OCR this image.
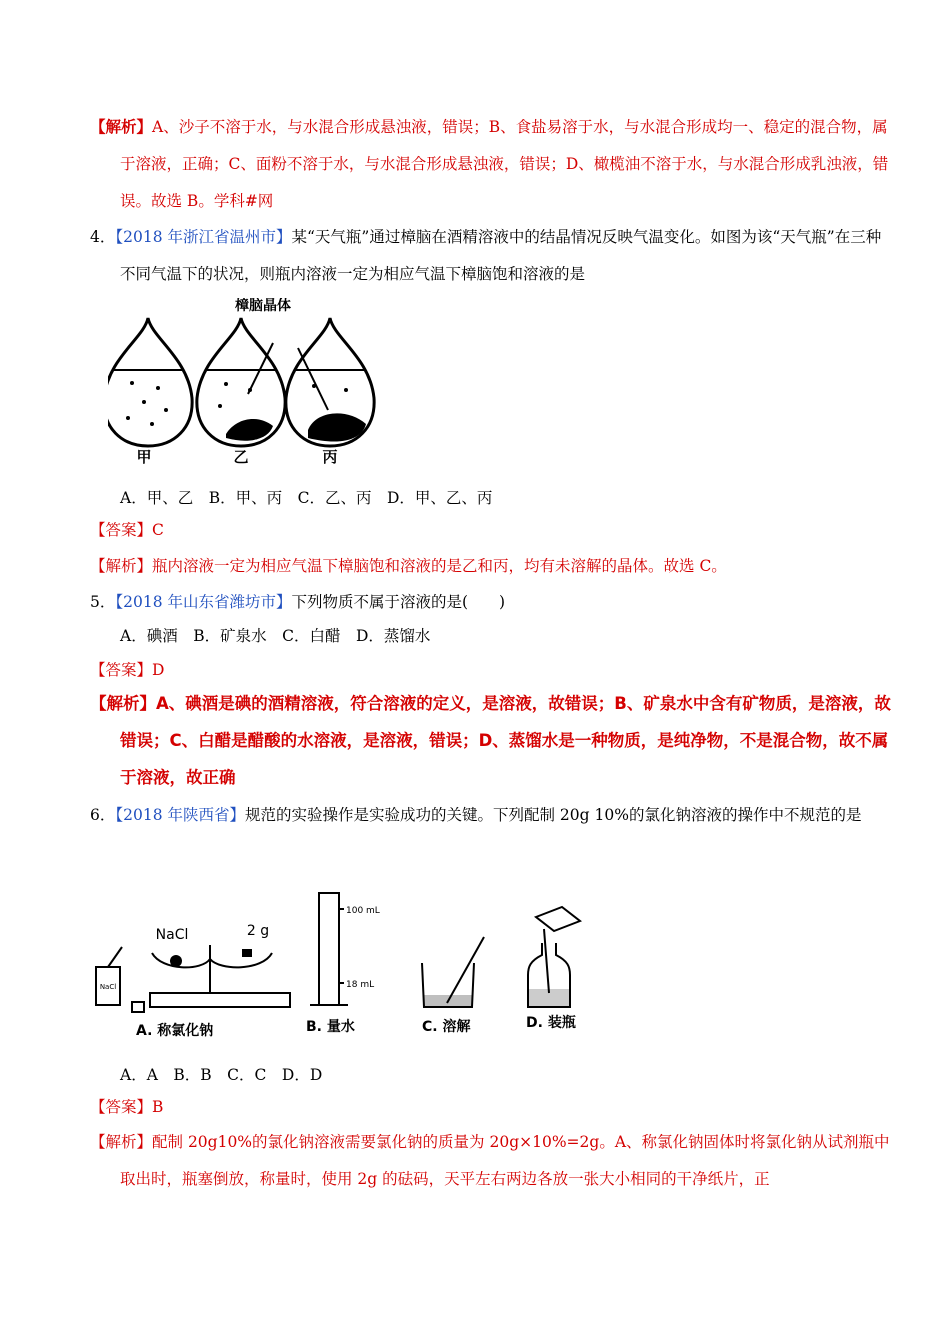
【解析】A、沙子不溶于水，与水混合形成悬浊液，错误；B、食盐易溶于水，与水混合形成均一、稳定的混合物，属于溶液，正确；C、面粉不溶于水，与水混合形成悬浊液，错误；D、橄榄油不溶于水，与水混合形成乳浊液，错误。故选 B。学科#网
4．【2018 年浙江省温州市】某“天气瓶”通过樟脑在酒精溶液中的结晶情况反映气温变化。如图为该“天气瓶”在三种不同气温下的状况，则瓶内溶液一定为相应气温下樟脑饱和溶液的是
樟脑晶体
甲	乙	丙
A．甲、乙　B．甲、丙　C．乙、丙　D．甲、乙、丙
【答案】C
【解析】瓶内溶液一定为相应气温下樟脑饱和溶液的是乙和丙，均有未溶解的晶体。故选 C。
5．【2018 年山东省潍坊市】下列物质不属于溶液的是(　　)
A．碘酒　B．矿泉水　C．白醋　D．蒸馏水
【答案】D
【解析】A、碘酒是碘的酒精溶液，符合溶液的定义，是溶液，故错误；B、矿泉水中含有矿物质，是溶液，故错误；C、白醋是醋酸的水溶液，是溶液，错误；D、蒸馏水是一种物质，是纯净物，不是混合物，故不属于溶液，故正确
6．【2018 年陕西省】规范的实验操作是实验成功的关键。下列配制 20g 10%的氯化钠溶液的操作中不规范的是
NaCl	2 g
NaCl
100 mL
18 mL
A. 称氯化钠	B. 量水	C. 溶解	D. 装瓶
A．A　B．B　C．C　D．D
【答案】B
【解析】配制 20g10%的氯化钠溶液需要氯化钠的质量为 20g×10%=2g。A、称氯化钠固体时将氯化钠从试剂瓶中取出时，瓶塞倒放，称量时，使用 2g 的砝码，天平左右两边各放一张大小相同的干净纸片，正
